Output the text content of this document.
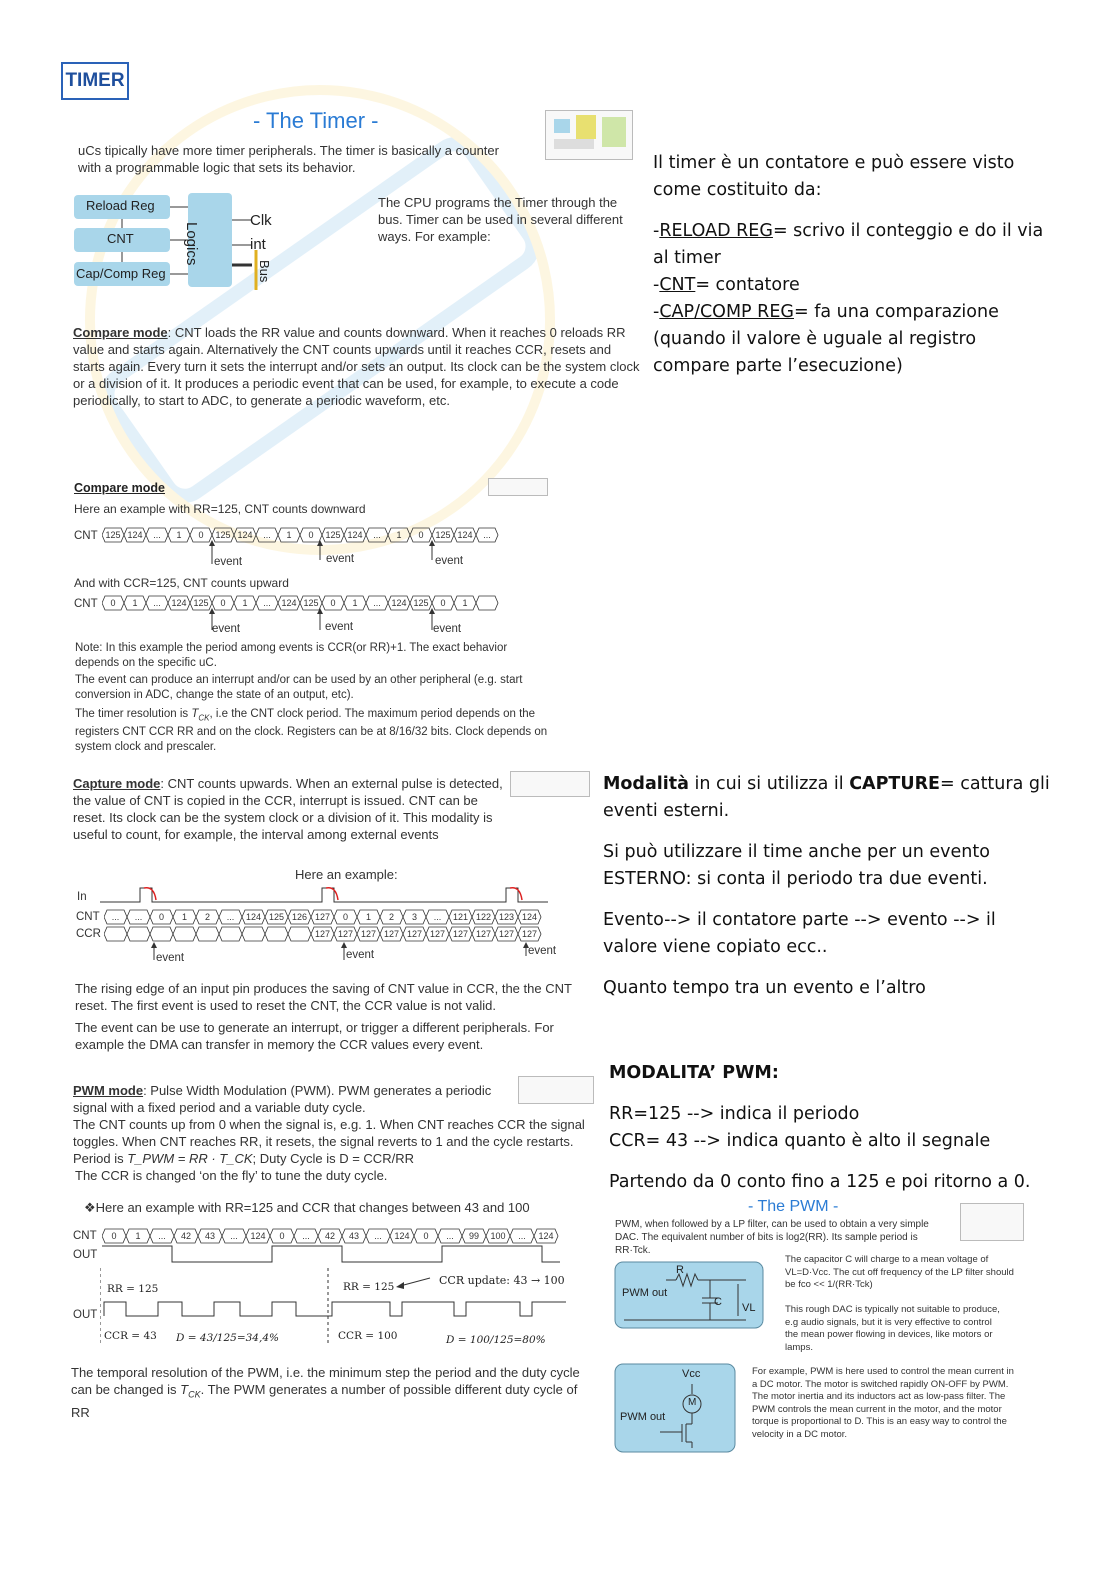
TIMER
- The Timer -
uCs tipically have more timer peripherals. The timer is basically a counter with a programmable logic that sets its behavior.
Reload Reg
CNT
Cap/Comp Reg
Logics
Clk
int
Bus
The CPU programs the Timer through the bus. Timer can be used in several different ways. For example:
Compare mode: CNT loads the RR value and counts downward. When it reaches 0 reloads RR value and starts again. Alternatively the CNT counts upwards until it reaches CCR, resets and starts again. Every turn it sets the interrupt and/or sets an output. Its clock can be the system clock or a division of it. It produces a periodic event that can be used, for example, to execute a code periodically, to start to ADC, to generate a periodic waveform, etc.

Il timer è un contatore e può essere visto come costituito da:

-RELOAD REG= scrivo il conteggio e do il via al timer
-CNT= contatore
-CAP/COMP REG= fa una comparazione (quando il valore è uguale al registro compare parte l’esecuzione)
Compare mode
Here an example with RR=125, CNT counts downward
CNT 125 124 ... 1 0 125 124 ... 1 0 125 124 ... 1 0 125 124 ...
event	event	event
And with CCR=125, CNT counts upward
CNT 0 1 ... 124 125 0 1 ... 124 125 0 1 ... 124 125 0 1
event	event	event
Note: In this example the period among events is CCR(or RR)+1. The exact behavior depends on the specific uC.
The event can produce an interrupt and/or can be used by an other peripheral (e.g. start conversion in ADC, change the state of an output, etc).
The timer resolution is $T_{CK}$, i.e the CNT clock period. The maximum period depends on the registers CNT CCR RR and on the clock. Registers can be at 8/16/32 bits. Clock depends on system clock and prescaler.
Capture mode: CNT counts upwards. When an external pulse is detected, the value of CNT is copied in the CCR, interrupt is issued. CNT can be reset. Its clock can be the system clock or a division of it. This modality is useful to count, for example, the interval among external events
Here an example:
In
CNT
CCR
... ... 0 1 2 ... 124 125 126 127 0 1 2 3 ... 121 122 123 124
127 127 127 127 127 127 127 127 127 127
event	event	event
The rising edge of an input pin produces the saving of CNT value in CCR, the the CNT reset. The first event is used to reset the CNT, the CCR value is not valid.
The event can be use to generate an interrupt, or trigger a different peripherals. For example the DMA can transfer in memory the CCR values every event.

Modalità in cui si utilizza il CAPTURE= cattura gli eventi esterni.

Si può utilizzare il time anche per un evento ESTERNO: si conta il periodo tra due eventi.

Evento--> il contatore parte --> evento --> il valore viene copiato ecc..

Quanto tempo tra un evento e l’altro

PWM mode: Pulse Width Modulation (PWM). PWM generates a periodic signal with a fixed period and a variable duty cycle.
The CNT counts up from 0 when the signal is, e.g. 1. When CNT reaches CCR the signal toggles. When CNT reaches RR, it resets, the signal reverts to 1 and the cycle restarts. Period is T_PWM = RR · T_CK; Duty Cycle is D = CCR/RR
The CCR is changed ‘on the fly’ to tune the duty cycle.
❖Here an example with RR=125 and CCR that changes between 43 and 100
CNT 0 1 ... 42 43 ... 124 0 ... 42 43 ... 124 0 ... 99 100 ... 124
OUT
OUT
RR = 125	RR = 125	CCR update: 43 → 100
CCR = 43	CCR = 100
D = 43/125=34,4%	D = 100/125=80%
The temporal resolution of the PWM, i.e. the minimum step the period and the duty cycle can be changed is $T_{CK}$. The PWM generates a number of possible different duty cycle of RR

MODALITA’ PWM:

RR=125 --> indica il periodo
CCR= 43 --> indica quanto è alto il segnale
Partendo da 0 conto fino a 125 e poi ritorno a 0.
- The PWM -
PWM, when followed by a LP filter, can be used to obtain a very simple DAC. The equivalent number of bits is log2(RR). Its sample period is RR·Tck.
PWM out
R
C VL
The capacitor C will charge to a mean voltage of VL=D·Vcc. The cut off frequency of the LP filter should be fco << 1/(RR·Tck)
This rough DAC is typically not suitable to produce, e.g audio signals, but it is very effective to control the mean power flowing in devices, like motors or lamps.
Vcc
M
PWM out
For example, PWM is here used to control the mean current in a DC motor. The motor is switched rapidly ON-OFF by PWM. The motor inertia and its inductors act as low-pass filter. The PWM controls the mean current in the motor, and the motor torque is proportional to D. This is an easy way to control the velocity in a DC motor.
